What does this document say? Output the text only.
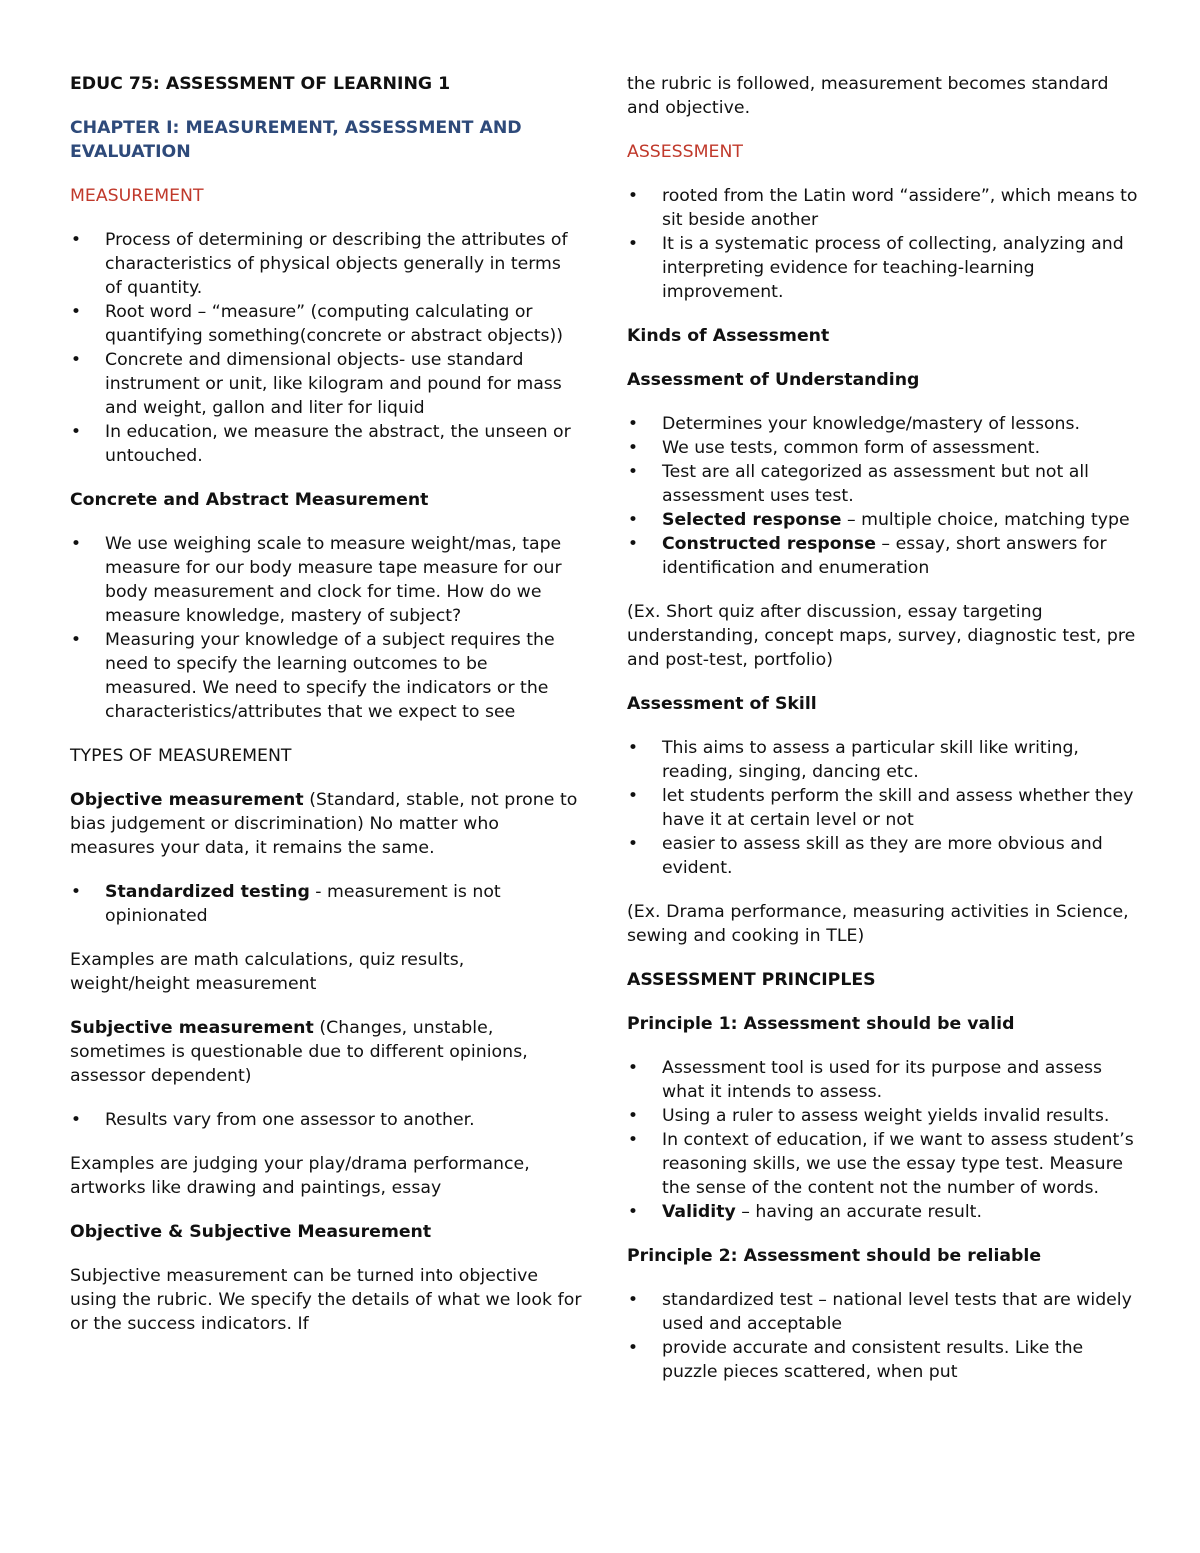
EDUC 75: ASSESSMENT OF LEARNING 1

CHAPTER I: MEASUREMENT, ASSESSMENT AND EVALUATION

MEASUREMENT

• Process of determining or describing the attributes of characteristics of physical objects generally in terms of quantity.
• Root word – “measure” (computing calculating or quantifying something(concrete or abstract objects))
• Concrete and dimensional objects- use standard instrument or unit, like kilogram and pound for mass and weight, gallon and liter for liquid
• In education, we measure the abstract, the unseen or untouched.

Concrete and Abstract Measurement

• We use weighing scale to measure weight/mas, tape measure for our body measure tape measure for our body measurement and clock for time. How do we measure knowledge, mastery of subject?
• Measuring your knowledge of a subject requires the need to specify the learning outcomes to be measured. We need to specify the indicators or the characteristics/attributes that we expect to see

TYPES OF MEASUREMENT

Objective measurement (Standard, stable, not prone to bias judgement or discrimination) No matter who measures your data, it remains the same.

• Standardized testing - measurement is not opinionated

Examples are math calculations, quiz results, weight/height measurement

Subjective measurement (Changes, unstable, sometimes is questionable due to different opinions, assessor dependent)

• Results vary from one assessor to another.

Examples are judging your play/drama performance, artworks like drawing and paintings, essay

Objective & Subjective Measurement

Subjective measurement can be turned into objective using the rubric. We specify the details of what we look for or the success indicators. If

the rubric is followed, measurement becomes standard and objective.

ASSESSMENT

• rooted from the Latin word “assidere”, which means to sit beside another
• It is a systematic process of collecting, analyzing and interpreting evidence for teaching-learning improvement.

Kinds of Assessment

Assessment of Understanding

• Determines your knowledge/mastery of lessons.
• We use tests, common form of assessment.
• Test are all categorized as assessment but not all assessment uses test.
• Selected response – multiple choice, matching type
• Constructed response – essay, short answers for identification and enumeration

(Ex. Short quiz after discussion, essay targeting understanding, concept maps, survey, diagnostic test, pre and post-test, portfolio)

Assessment of Skill

• This aims to assess a particular skill like writing, reading, singing, dancing etc.
• let students perform the skill and assess whether they have it at certain level or not
• easier to assess skill as they are more obvious and evident.

(Ex. Drama performance, measuring activities in Science, sewing and cooking in TLE)

ASSESSMENT PRINCIPLES

Principle 1: Assessment should be valid

• Assessment tool is used for its purpose and assess what it intends to assess.
• Using a ruler to assess weight yields invalid results.
• In context of education, if we want to assess student’s reasoning skills, we use the essay type test. Measure the sense of the content not the number of words.
• Validity – having an accurate result.

Principle 2: Assessment should be reliable

• standardized test – national level tests that are widely used and acceptable
• provide accurate and consistent results. Like the puzzle pieces scattered, when put
